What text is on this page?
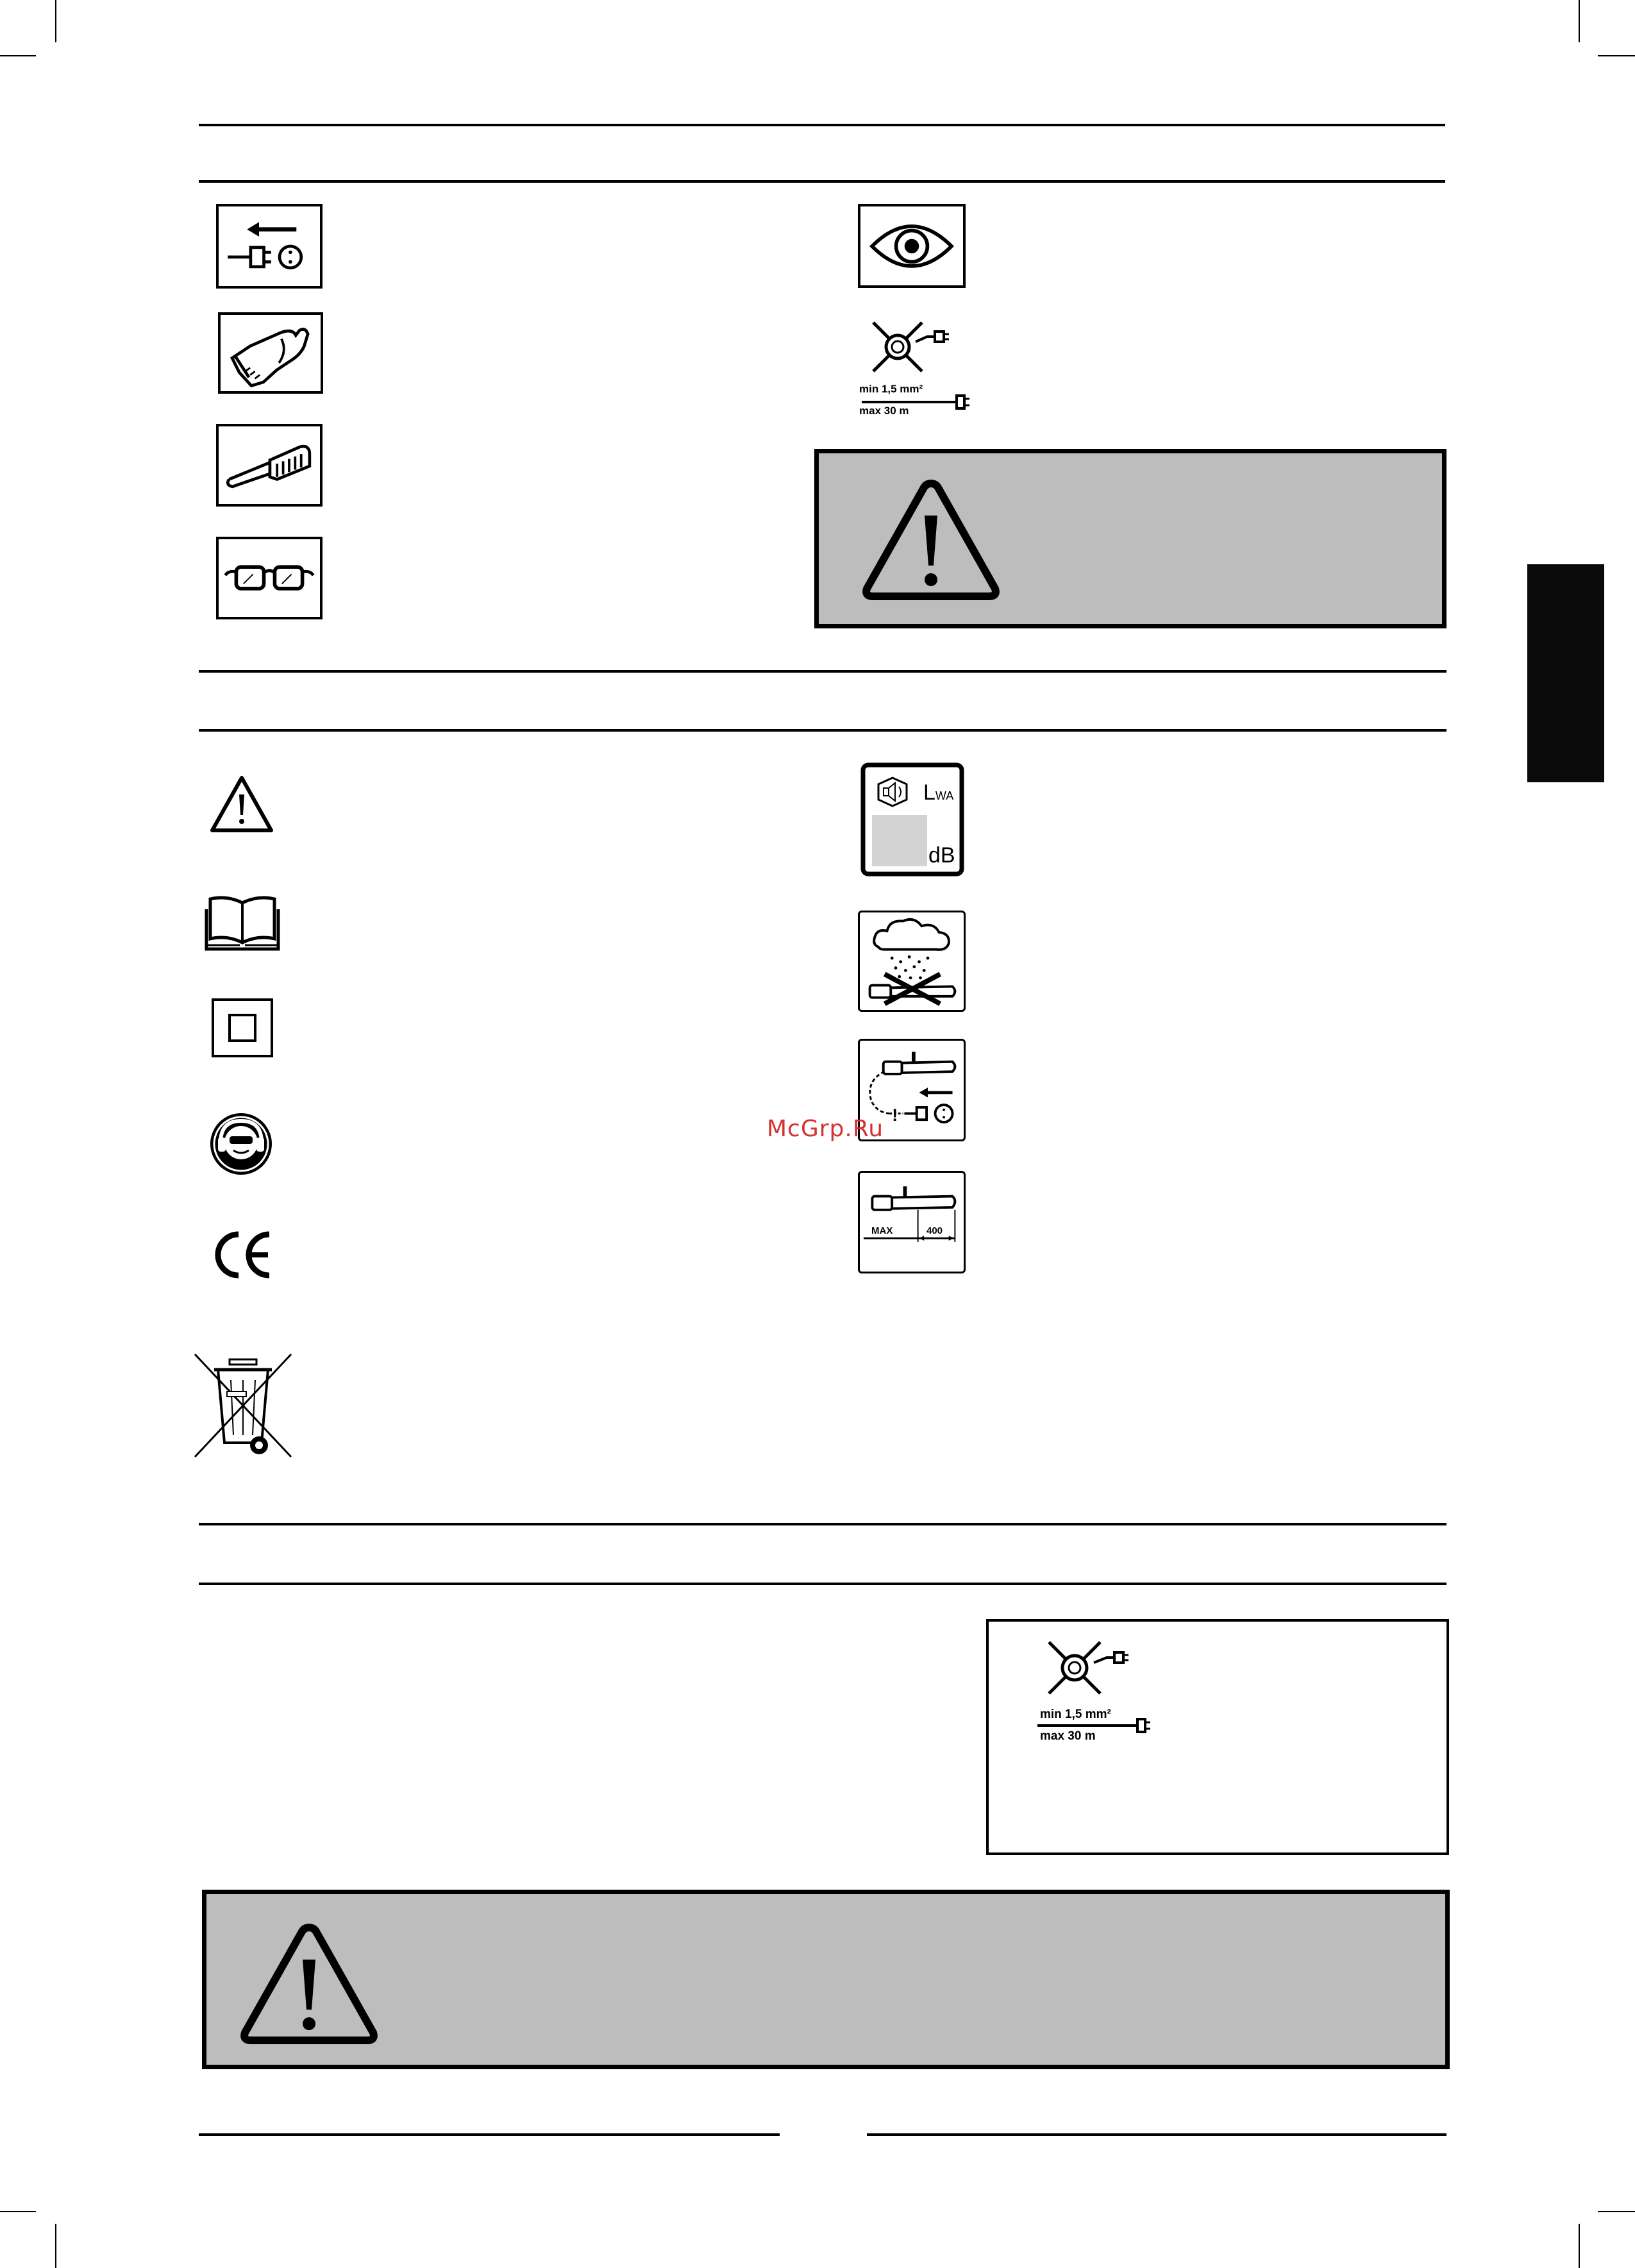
min 1,5 mm²
max 30 m
LWA
dB
!
MAX	400
McGrp.Ru
min 1,5 mm²
max 30 m
